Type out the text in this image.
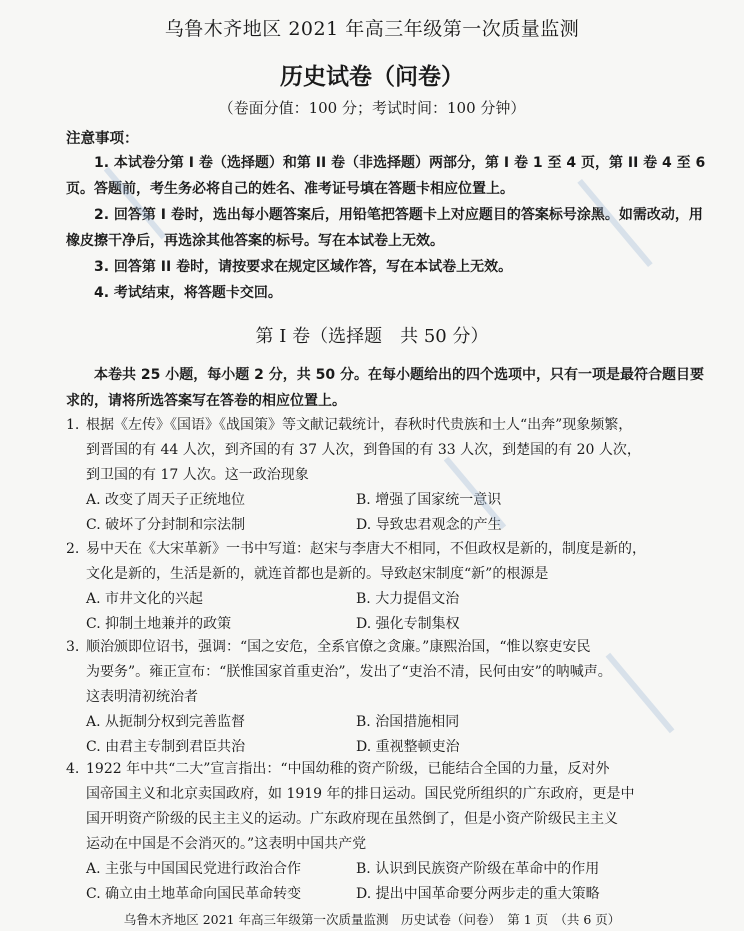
乌鲁木齐地区 2021 年高三年级第一次质量监测
历史试卷（问卷）
（卷面分值：100 分；考试时间：100 分钟）
注意事项：

1. 本试卷分第 I 卷（选择题）和第 II 卷（非选择题）两部分，第 I 卷 1 至 4 页，第 II 卷 4 至 6 页。答题前，考生务必将自己的姓名、准考证号填在答题卡相应位置上。

2. 回答第 I 卷时，选出每小题答案后，用铅笔把答题卡上对应题目的答案标号涂黑。如需改动，用橡皮擦干净后，再选涂其他答案的标号。写在本试卷上无效。

3. 回答第 II 卷时，请按要求在规定区域作答，写在本试卷上无效。

4. 考试结束，将答题卡交回。

第 I 卷（选择题　共 50 分）

本卷共 25 小题，每小题 2 分，共 50 分。在每小题给出的四个选项中，只有一项是最符合题目要求的，请将所选答案写在答卷的相应位置上。

1. 根据《左传》《国语》《战国策》等文献记载统计，春秋时代贵族和士人“出奔”现象频繁，

到晋国的有 44 人次，到齐国的有 37 人次，到鲁国的有 33 人次，到楚国的有 20 人次，

到卫国的有 17 人次。这一政治现象

A. 改变了周天子正统地位	B. 增强了国家统一意识
C. 破坏了分封制和宗法制	D. 导致忠君观念的产生

2. 易中天在《大宋革新》一书中写道：赵宋与李唐大不相同，不但政权是新的，制度是新的，

文化是新的，生活是新的，就连首都也是新的。导致赵宋制度“新”的根源是

A. 市井文化的兴起	B. 大力提倡文治
C. 抑制土地兼并的政策	D. 强化专制集权

3. 顺治颁即位诏书，强调：“国之安危，全系官僚之贪廉。”康熙治国，“惟以察吏安民

为要务”。雍正宣布：“朕惟国家首重吏治”，发出了“吏治不清，民何由安”的呐喊声。

这表明清初统治者

A. 从扼制分权到完善监督	B. 治国措施相同
C. 由君主专制到君臣共治	D. 重视整顿吏治

4. 1922 年中共“二大”宣言指出：“中国幼稚的资产阶级，已能结合全国的力量，反对外

国帝国主义和北京卖国政府，如 1919 年的排日运动。国民党所组织的广东政府，更是中

国开明资产阶级的民主主义的运动。广东政府现在虽然倒了，但是小资产阶级民主主义

运动在中国是不会消灭的。”这表明中国共产党

A. 主张与中国国民党进行政治合作	B. 认识到民族资产阶级在革命中的作用
C. 确立由土地革命向国民革命转变	D. 提出中国革命要分两步走的重大策略
乌鲁木齐地区 2021 年高三年级第一次质量监测　历史试卷（问卷）　第 1 页　（共 6 页）
